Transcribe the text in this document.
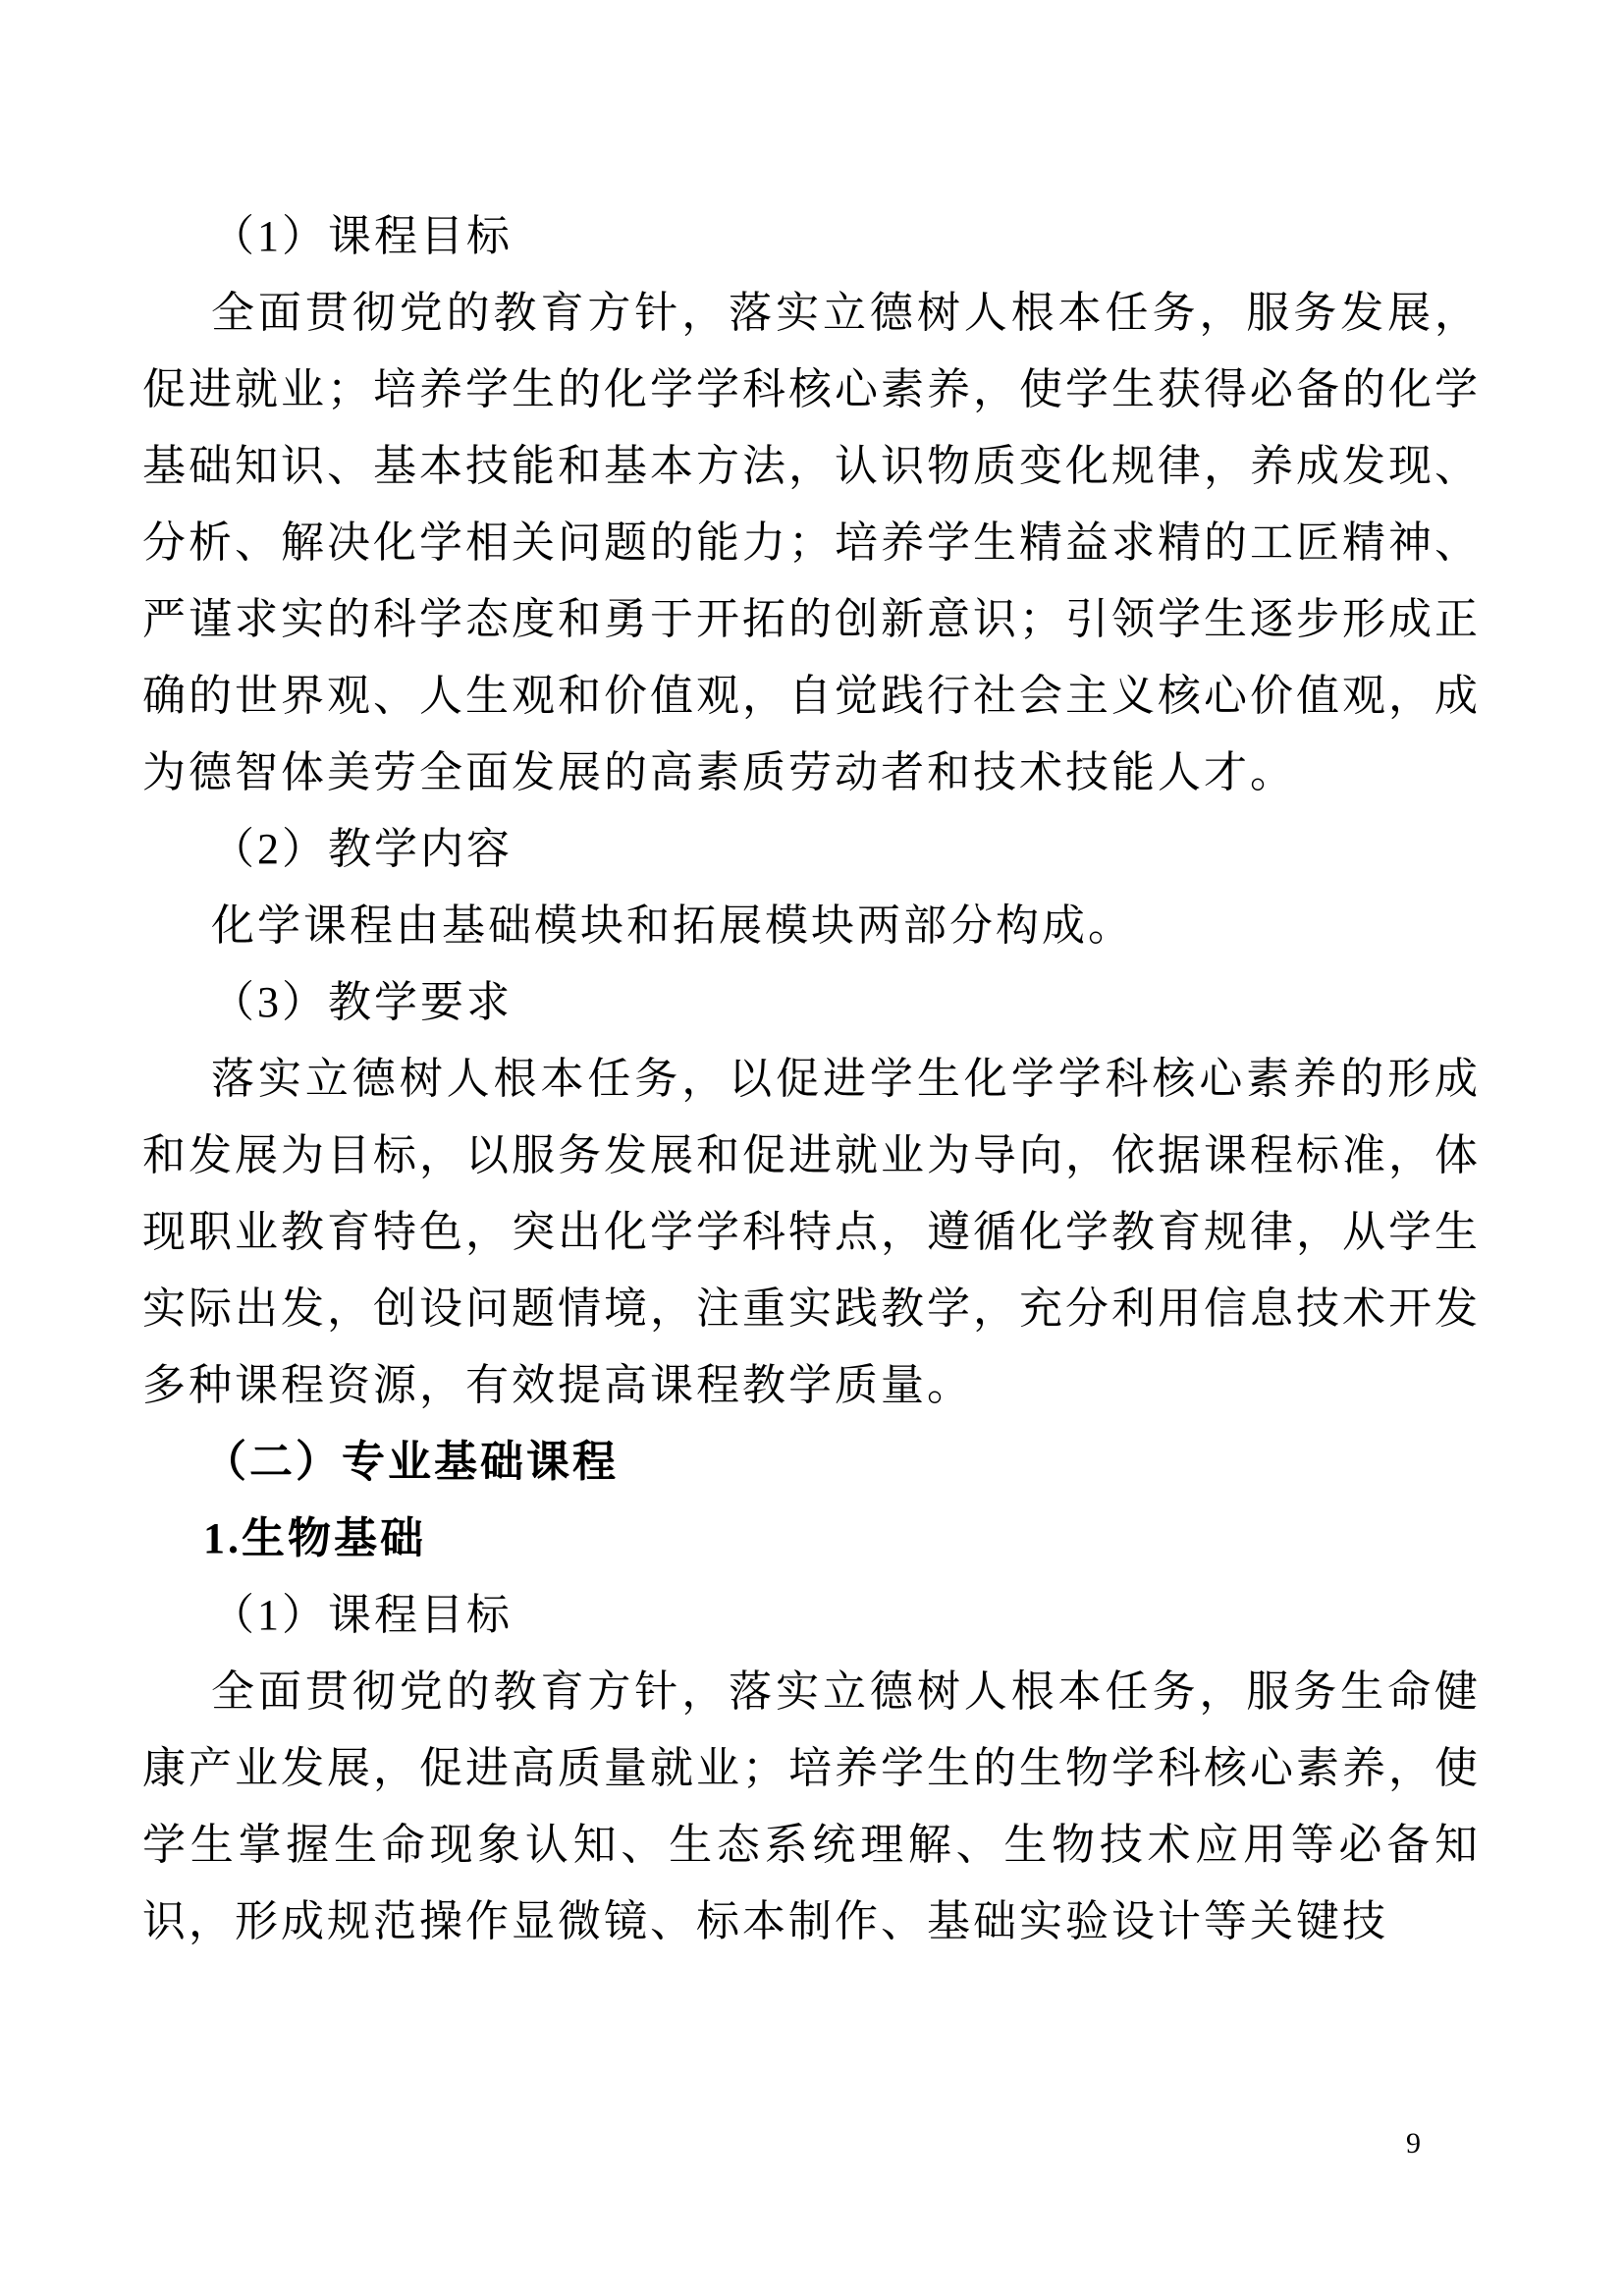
（1）课程目标

全面贯彻党的教育方针，落实立德树人根本任务，服务发展，促进就业；培养学生的化学学科核心素养，使学生获得必备的化学基础知识、基本技能和基本方法，认识物质变化规律，养成发现、分析、解决化学相关问题的能力；培养学生精益求精的工匠精神、严谨求实的科学态度和勇于开拓的创新意识；引领学生逐步形成正确的世界观、人生观和价值观，自觉践行社会主义核心价值观，成为德智体美劳全面发展的高素质劳动者和技术技能人才。

（2）教学内容

化学课程由基础模块和拓展模块两部分构成。

（3）教学要求

落实立德树人根本任务，以促进学生化学学科核心素养的形成和发展为目标，以服务发展和促进就业为导向，依据课程标准，体现职业教育特色，突出化学学科特点，遵循化学教育规律，从学生实际出发，创设问题情境，注重实践教学，充分利用信息技术开发多种课程资源，有效提高课程教学质量。

（二）专业基础课程

1.生物基础

（1）课程目标

全面贯彻党的教育方针，落实立德树人根本任务，服务生命健康产业发展，促进高质量就业；培养学生的生物学科核心素养，使学生掌握生命现象认知、生态系统理解、生物技术应用等必备知识，形成规范操作显微镜、标本制作、基础实验设计等关键技

9
